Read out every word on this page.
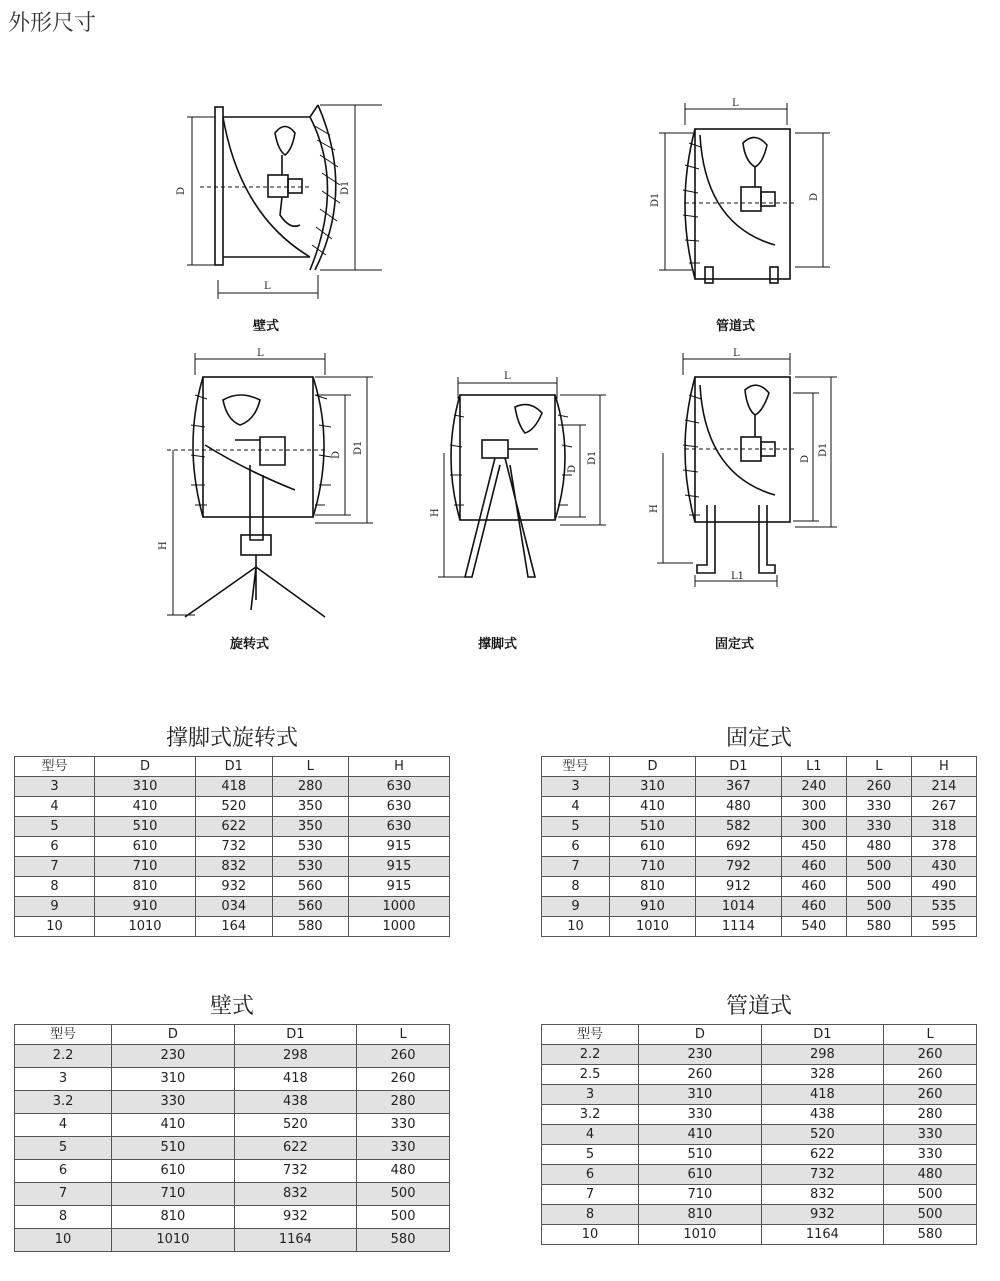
外形尺寸
D	D1
L
壁式
L
D1	D
管道式
L
D D1
H
旋转式
L
D
D1
H
撑脚式
L
D
D1
H
L1
固定式
撑脚式旋转式
型号	D	D1	L	H
3	310	418	280	630
4	410	520	350	630
5	510	622	350	630
6	610	732	530	915
7	710	832	530	915
8	810	932	560	915
9	910	034	560	1000
10	1010	164	580	1000
固定式
型号	D	D1	L1	L	H
3	310	367	240	260	214
4	410	480	300	330	267
5	510	582	300	330	318
6	610	692	450	480	378
7	710	792	460	500	430
8	810	912	460	500	490
9	910	1014	460	500	535
10	1010	1114	540	580	595
壁式
型号	D	D1	L
2.2	230	298	260
3	310	418	260
3.2	330	438	280
4	410	520	330
5	510	622	330
6	610	732	480
7	710	832	500
8	810	932	500
10	1010	1164	580
管道式
型号	D	D1	L
2.2	230	298	260
2.5	260	328	260
3	310	418	260
3.2	330	438	280
4	410	520	330
5	510	622	330
6	610	732	480
7	710	832	500
8	810	932	500
10	1010	1164	580
